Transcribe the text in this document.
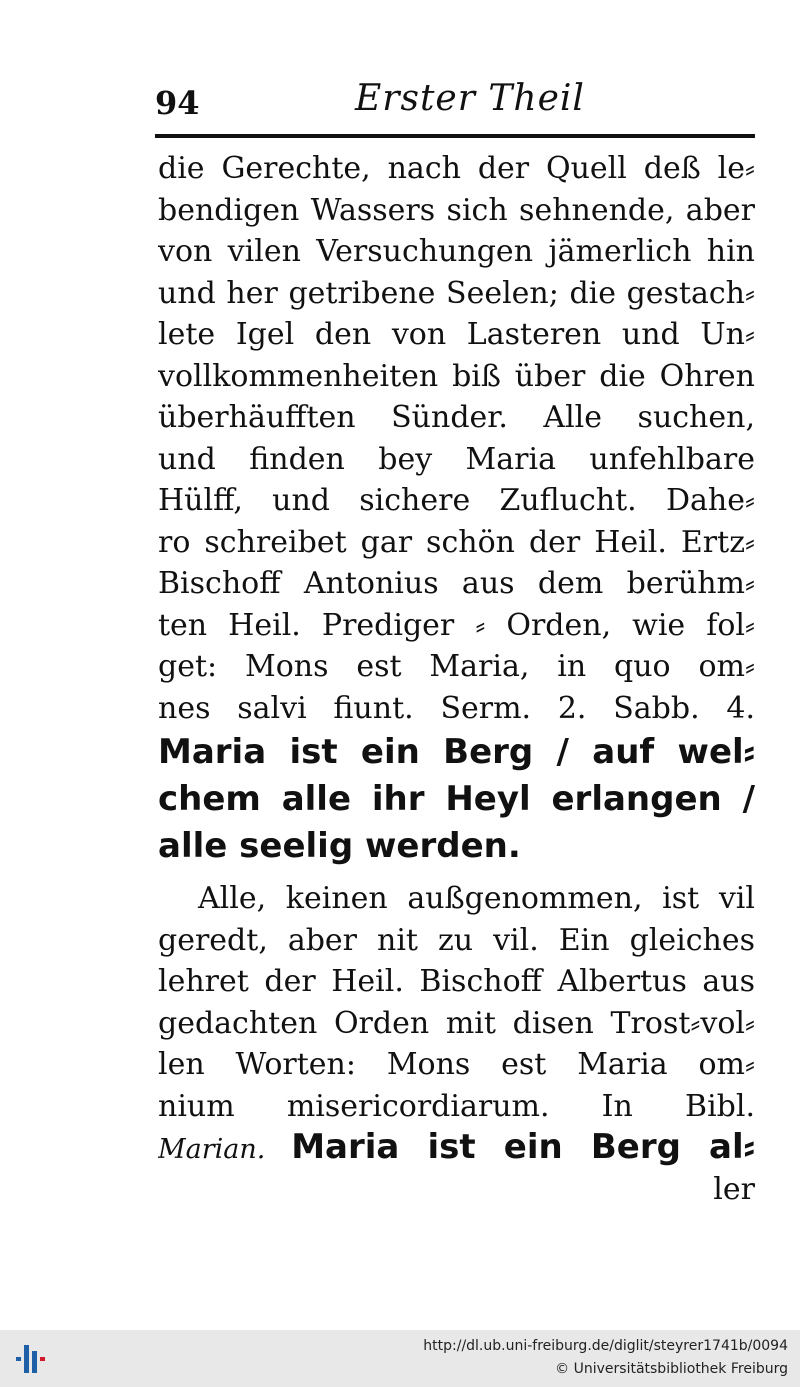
94	Erster Theil
die Gerechte, nach der Quell deß le⸗
bendigen Wassers sich sehnende, aber
von vilen Versuchungen jämerlich hin
und her getribene Seelen; die gestach⸗
lete Igel den von Lasteren und Un⸗
vollkommenheiten biß über die Ohren
überhäufften Sünder. Alle suchen,
und finden bey Maria unfehlbare
Hülff, und sichere Zuflucht. Dahe⸗
ro schreibet gar schön der Heil. Ertz⸗
Bischoff Antonius aus dem berühm⸗
ten Heil. Prediger ⸗ Orden, wie fol⸗
get: Mons est Maria, in quo om⸗
nes salvi fiunt. Serm. 2. Sabb. 4.
Maria ist ein Berg / auf wel⸗
chem alle ihr Heyl erlangen /
alle seelig werden.
Alle, keinen außgenommen, ist vil
geredt, aber nit zu vil. Ein gleiches
lehret der Heil. Bischoff Albertus aus
gedachten Orden mit disen Trost⸗vol⸗
len Worten: Mons est Maria om⸗
nium misericordiarum. In Bibl.
Marian. Maria ist ein Berg al⸗
ler
http://dl.ub.uni-freiburg.de/diglit/steyrer1741b/0094
© Universitätsbibliothek Freiburg
